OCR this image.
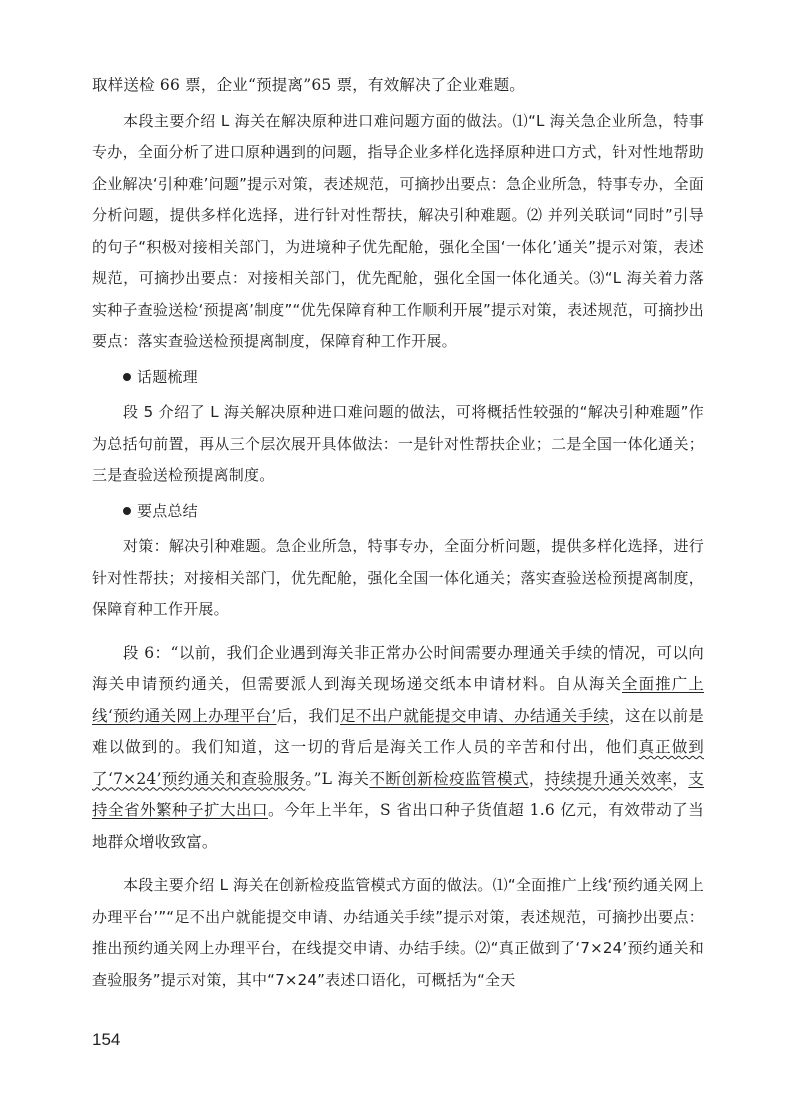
取样送检 66 票，企业“预提离”65 票，有效解决了企业难题。

本段主要介绍 L 海关在解决原种进口难问题方面的做法。⑴“L 海关急企业所急，特事专办，全面分析了进口原种遇到的问题，指导企业多样化选择原种进口方式，针对性地帮助企业解决‘引种难’问题”提示对策，表述规范，可摘抄出要点：急企业所急，特事专办，全面分析问题，提供多样化选择，进行针对性帮扶，解决引种难题。⑵ 并列关联词“同时”引导的句子“积极对接相关部门，为进境种子优先配舱，强化全国‘一体化’通关”提示对策，表述规范，可摘抄出要点：对接相关部门，优先配舱，强化全国一体化通关。⑶“L 海关着力落实种子查验送检‘预提离’制度”“优先保障育种工作顺利开展”提示对策，表述规范，可摘抄出要点：落实查验送检预提离制度，保障育种工作开展。

话题梳理

段 5 介绍了 L 海关解决原种进口难问题的做法，可将概括性较强的“解决引种难题”作为总括句前置，再从三个层次展开具体做法：一是针对性帮扶企业；二是全国一体化通关；三是查验送检预提离制度。

要点总结

对策：解决引种难题。急企业所急，特事专办，全面分析问题，提供多样化选择，进行针对性帮扶；对接相关部门，优先配舱，强化全国一体化通关；落实查验送检预提离制度，保障育种工作开展。

段 6：“以前，我们企业遇到海关非正常办公时间需要办理通关手续的情况，可以向海关申请预约通关，但需要派人到海关现场递交纸本申请材料。自从海关全面推广上线‘预约通关网上办理平台’后，我们足不出户就能提交申请、办结通关手续，这在以前是难以做到的。我们知道，这一切的背后是海关工作人员的辛苦和付出，他们真正做到了‘7×24’预约通关和查验服务。”L 海关不断创新检疫监管模式，持续提升通关效率，支持全省外繁种子扩大出口。今年上半年，S 省出口种子货值超 1.6 亿元，有效带动了当地群众增收致富。

本段主要介绍 L 海关在创新检疫监管模式方面的做法。⑴“全面推广上线‘预约通关网上办理平台’”“足不出户就能提交申请、办结通关手续”提示对策，表述规范，可摘抄出要点：推出预约通关网上办理平台，在线提交申请、办结手续。⑵“真正做到了‘7×24’预约通关和查验服务”提示对策，其中“7×24”表述口语化，可概括为“全天

154
